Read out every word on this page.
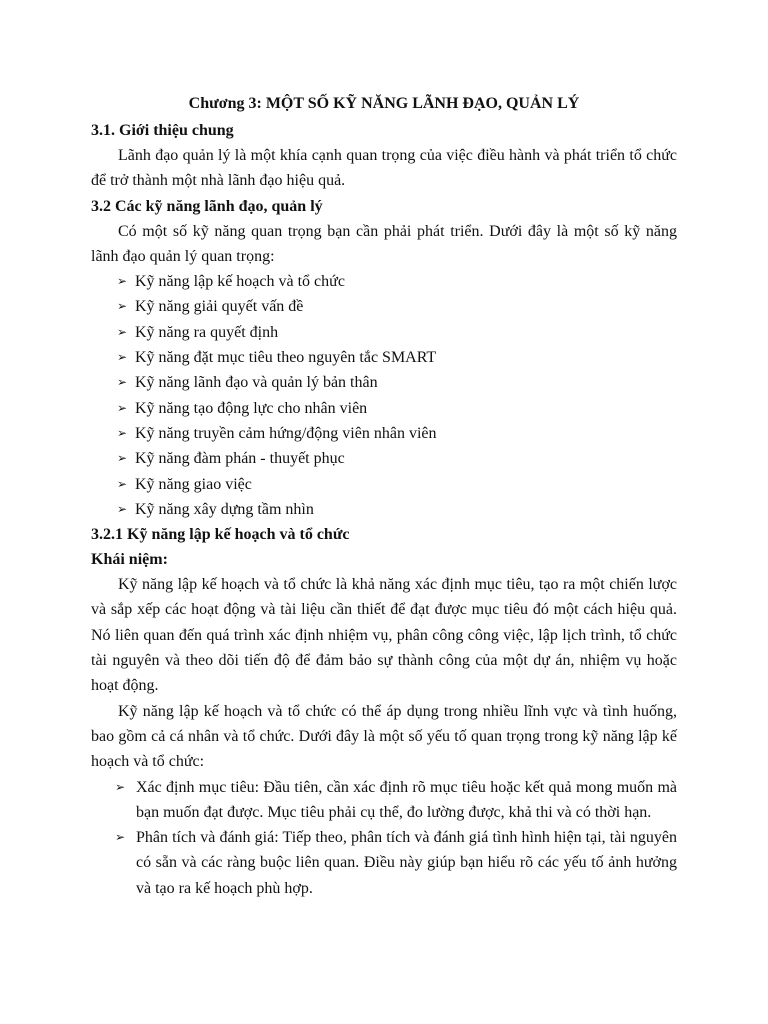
Chương 3: MỘT SỐ KỸ NĂNG LÃNH ĐẠO, QUẢN LÝ
3.1. Giới thiệu chung
Lãnh đạo quản lý là một khía cạnh quan trọng của việc điều hành và phát triển tổ chức để trở thành một nhà lãnh đạo hiệu quả.
3.2 Các kỹ năng lãnh đạo, quản lý
Có một số kỹ năng quan trọng bạn cần phải phát triển. Dưới đây là một số kỹ năng lãnh đạo quản lý quan trọng:
➢ Kỹ năng lập kế hoạch và tổ chức
➢ Kỹ năng giải quyết vấn đề
➢ Kỹ năng ra quyết định
➢ Kỹ năng đặt mục tiêu theo nguyên tắc SMART
➢ Kỹ năng lãnh đạo và quản lý bản thân
➢ Kỹ năng tạo động lực cho nhân viên
➢ Kỹ năng truyền cảm hứng/động viên nhân viên
➢ Kỹ năng đàm phán - thuyết phục
➢ Kỹ năng giao việc
➢ Kỹ năng xây dựng tầm nhìn
3.2.1 Kỹ năng lập kế hoạch và tổ chức
Khái niệm:
Kỹ năng lập kế hoạch và tổ chức là khả năng xác định mục tiêu, tạo ra một chiến lược và sắp xếp các hoạt động và tài liệu cần thiết để đạt được mục tiêu đó một cách hiệu quả. Nó liên quan đến quá trình xác định nhiệm vụ, phân công công việc, lập lịch trình, tổ chức tài nguyên và theo dõi tiến độ để đảm bảo sự thành công của một dự án, nhiệm vụ hoặc hoạt động.
Kỹ năng lập kế hoạch và tổ chức có thể áp dụng trong nhiều lĩnh vực và tình huống, bao gồm cả cá nhân và tổ chức. Dưới đây là một số yếu tố quan trọng trong kỹ năng lập kế hoạch và tổ chức:
➢ Xác định mục tiêu: Đầu tiên, cần xác định rõ mục tiêu hoặc kết quả mong muốn mà bạn muốn đạt được. Mục tiêu phải cụ thể, đo lường được, khả thi và có thời hạn.
➢ Phân tích và đánh giá: Tiếp theo, phân tích và đánh giá tình hình hiện tại, tài nguyên có sẵn và các ràng buộc liên quan. Điều này giúp bạn hiểu rõ các yếu tố ảnh hưởng và tạo ra kế hoạch phù hợp.
